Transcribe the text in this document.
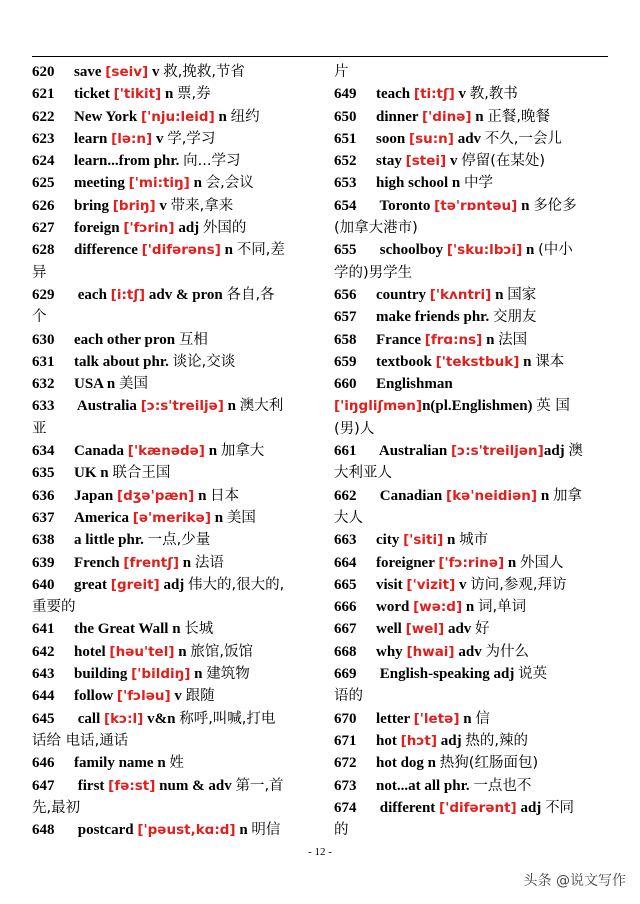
620 save [seiv] v 救,挽救,节省
621 ticket ['tikit] n 票,券
622 New York ['nju:leid] n 纽约
623 learn [lə:n] v 学,学习
624 learn...from phr. 向...学习
625 meeting ['mi:tiŋ] n 会,会议
626 bring [briŋ] v 带来,拿来
627 foreign ['fɔrin] adj 外国的
628 difference ['difərəns] n 不同,差
异
629 each [i:tʃ] adv & pron 各自,各
个
630 each other pron 互相
631 talk about phr. 谈论,交谈
632 USA n 美国
633 Australia [ɔ:s'treiljə] n 澳大利
亚
634 Canada ['kænədə] n 加拿大
635 UK n 联合王国
636 Japan [dʒə'pæn] n 日本
637 America [ə'merikə] n 美国
638 a little phr. 一点,少量
639 French [frentʃ] n 法语
640 great [greit] adj 伟大的,很大的,
重要的
641 the Great Wall n 长城
642 hotel [həu'tel] n 旅馆,饭馆
643 building ['bildiŋ] n 建筑物
644 follow ['fɔləu] v 跟随
645 call [kɔ:l] v&n 称呼,叫喊,打电
话给 电话,通话
646 family name n 姓
647 first [fə:st] num & adv 第一,首
先,最初
648 postcard ['pəust,kɑ:d] n 明信
片
649 teach [ti:tʃ] v 教,教书
650 dinner ['dinə] n 正餐,晚餐
651 soon [su:n] adv 不久,一会儿
652 stay [stei] v 停留(在某处)
653 high school n 中学
654 Toronto [tə'rɒntəu] n 多伦多
(加拿大港市)
655 schoolboy ['sku:lbɔi] n (中小
学的)男学生
656 country ['kʌntri] n 国家
657 make friends phr. 交朋友
658 France [frɑ:ns] n 法国
659 textbook ['tekstbuk] n 课本
660 Englishman
['iŋgliʃmən]n(pl.Englishmen) 英 国
(男)人
661 Australian [ɔ:s'treiljən]adj 澳
大利亚人
662 Canadian [kə'neidiən] n 加拿
大人
663 city ['siti] n 城市
664 foreigner ['fɔ:rinə] n 外国人
665 visit ['vizit] v 访问,参观,拜访
666 word [wə:d] n 词,单词
667 well [wel] adv 好
668 why [hwai] adv 为什么
669 English-speaking adj 说英
语的
670 letter ['letə] n 信
671 hot [hɔt] adj 热的,辣的
672 hot dog n 热狗(红肠面包)
673 not...at all phr. 一点也不
674 different ['difərənt] adj 不同
的
- 12 -
头条 @说文写作
